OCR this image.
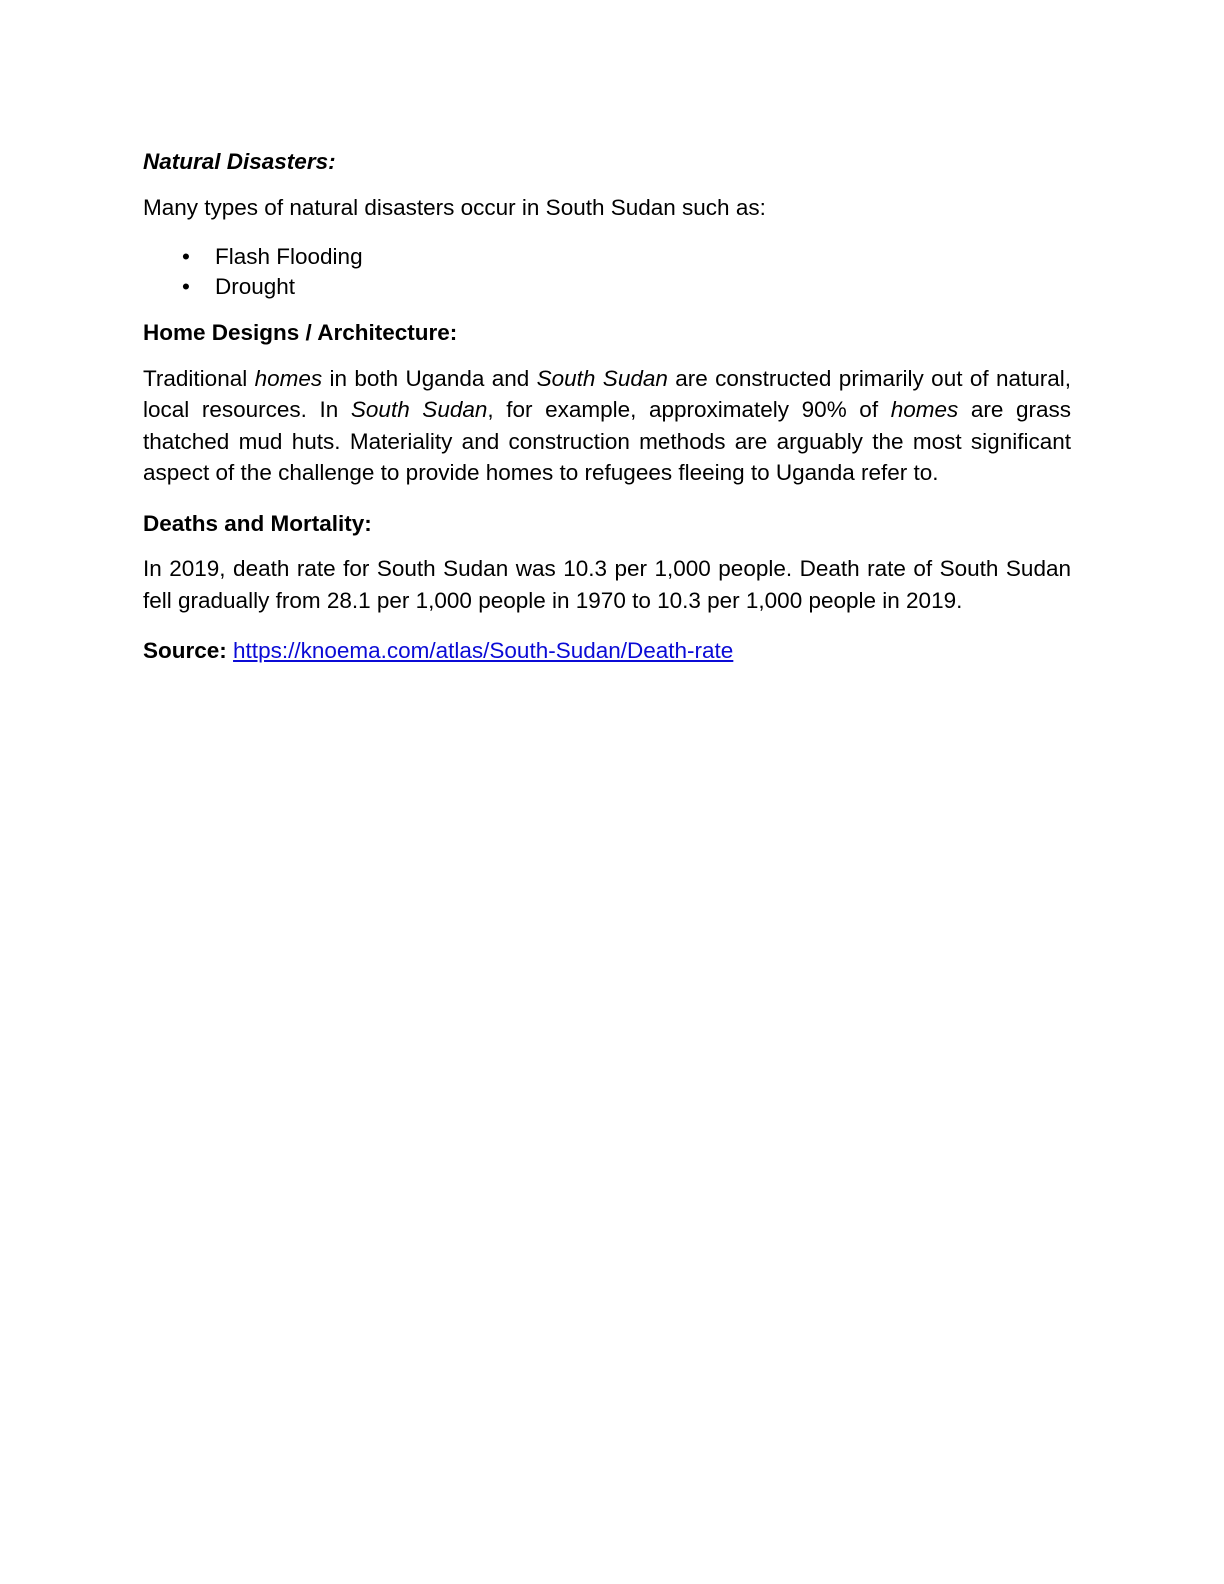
Natural Disasters:

Many types of natural disasters occur in South Sudan such as:

• Flash Flooding
• Drought
Home Designs / Architecture:

Traditional homes in both Uganda and South Sudan are constructed primarily out of natural, local resources. In South Sudan, for example, approximately 90% of homes are grass thatched mud huts. Materiality and construction methods are arguably the most significant aspect of the challenge to provide homes to refugees fleeing to Uganda refer to.

Deaths and Mortality:

In 2019, death rate for South Sudan was 10.3 per 1,000 people. Death rate of South Sudan fell gradually from 28.1 per 1,000 people in 1970 to 10.3 per 1,000 people in 2019.

Source: https://knoema.com/atlas/South-Sudan/Death-rate
